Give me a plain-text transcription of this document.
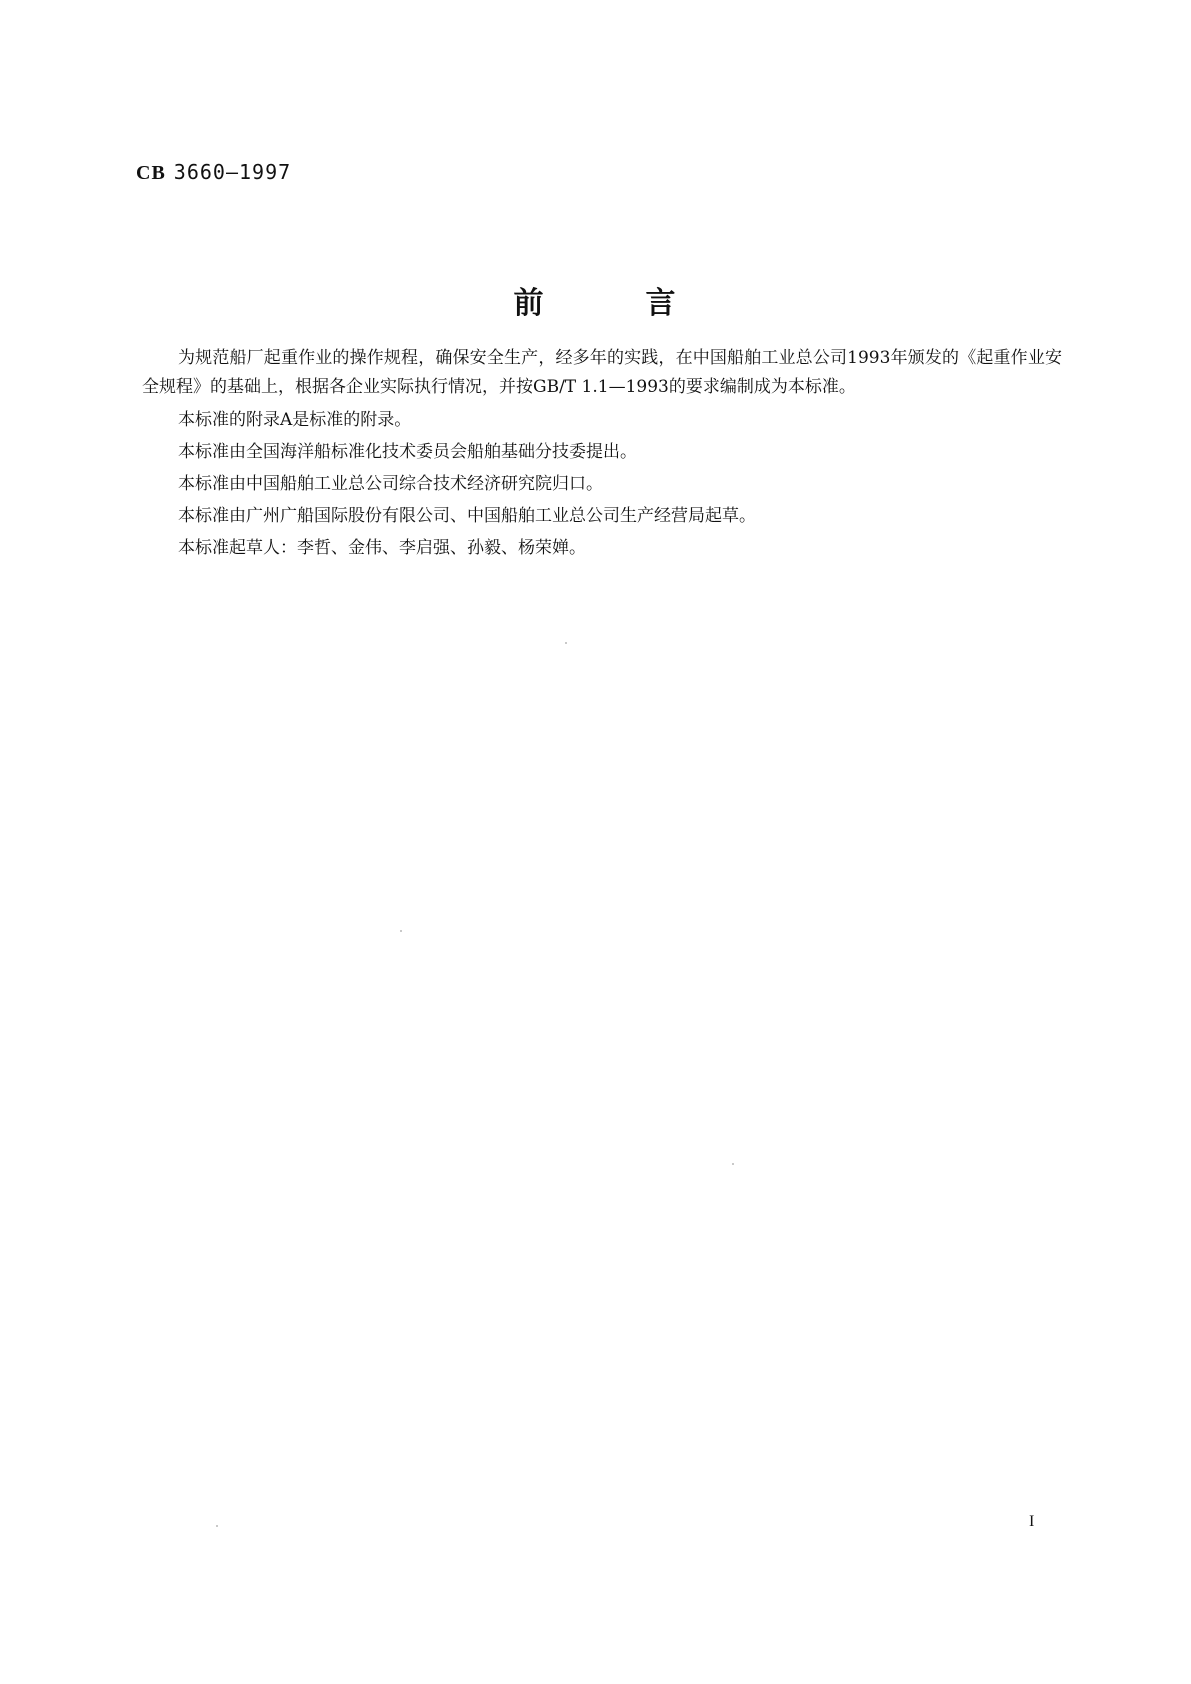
CB 3660—1997
前	言

为规范船厂起重作业的操作规程，确保安全生产，经多年的实践，在中国船舶工业总公司1993年颁发的《起重作业安全规程》的基础上，根据各企业实际执行情况，并按GB/T 1.1—1993的要求编制成为本标准。

本标准的附录A是标准的附录。

本标准由全国海洋船标准化技术委员会船舶基础分技委提出。

本标准由中国船舶工业总公司综合技术经济研究院归口。

本标准由广州广船国际股份有限公司、中国船舶工业总公司生产经营局起草。

本标准起草人：李哲、金伟、李启强、孙毅、杨荣婵。

I
